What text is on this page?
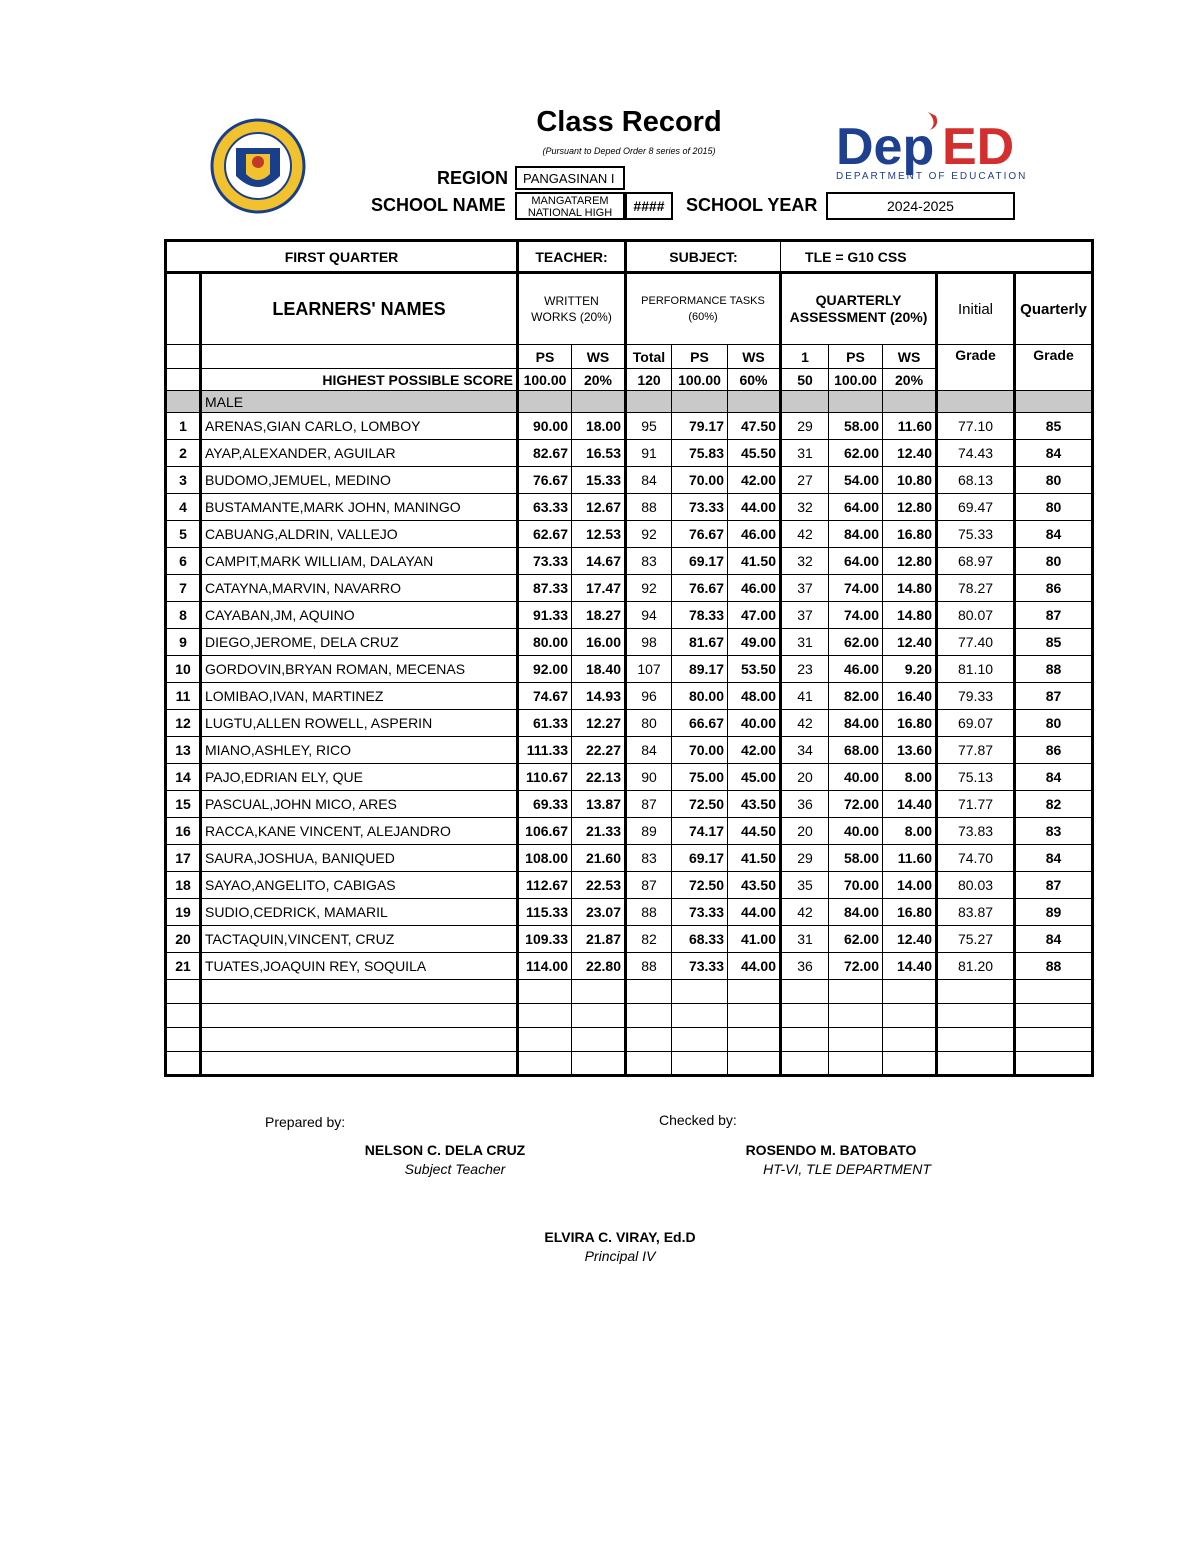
Class Record
(Pursuant to Deped Order 8 series of 2015)	Dep ED
DEPARTMENT OF EDUCATION
REGION	PANGASINAN I
SCHOOL NAME	MANGATAREM
NATIONAL HIGH	####	SCHOOL YEAR	2024-2025
FIRST QUARTER		TEACHER:		SUBJECT:			TLE = G10 CSS				
	LEARNERS' NAMES	WRITTEN WORKS (20%)		PERFORMANCE TASKS (60%)			QUARTERLY ASSESSMENT (20%)			Initial	Quarterly
		PS	WS	Total	PS	WS	1	PS	WS	Grade	Grade
	HIGHEST POSSIBLE SCORE	100.00	20%	120	100.00	60%	50	100.00	20%		
	MALE										
1	ARENAS,GIAN CARLO, LOMBOY	90.00	18.00	95	79.17	47.50	29	58.00	11.60	77.10	85
2	AYAP,ALEXANDER, AGUILAR	82.67	16.53	91	75.83	45.50	31	62.00	12.40	74.43	84
3	BUDOMO,JEMUEL, MEDINO	76.67	15.33	84	70.00	42.00	27	54.00	10.80	68.13	80
4	BUSTAMANTE,MARK JOHN, MANINGO	63.33	12.67	88	73.33	44.00	32	64.00	12.80	69.47	80
5	CABUANG,ALDRIN, VALLEJO	62.67	12.53	92	76.67	46.00	42	84.00	16.80	75.33	84
6	CAMPIT,MARK WILLIAM, DALAYAN	73.33	14.67	83	69.17	41.50	32	64.00	12.80	68.97	80
7	CATAYNA,MARVIN, NAVARRO	87.33	17.47	92	76.67	46.00	37	74.00	14.80	78.27	86
8	CAYABAN,JM, AQUINO	91.33	18.27	94	78.33	47.00	37	74.00	14.80	80.07	87
9	DIEGO,JEROME, DELA CRUZ	80.00	16.00	98	81.67	49.00	31	62.00	12.40	77.40	85
10	GORDOVIN,BRYAN ROMAN, MECENAS	92.00	18.40	107	89.17	53.50	23	46.00	9.20	81.10	88
11	LOMIBAO,IVAN, MARTINEZ	74.67	14.93	96	80.00	48.00	41	82.00	16.40	79.33	87
12	LUGTU,ALLEN ROWELL, ASPERIN	61.33	12.27	80	66.67	40.00	42	84.00	16.80	69.07	80
13	MIANO,ASHLEY, RICO	111.33	22.27	84	70.00	42.00	34	68.00	13.60	77.87	86
14	PAJO,EDRIAN ELY, QUE	110.67	22.13	90	75.00	45.00	20	40.00	8.00	75.13	84
15	PASCUAL,JOHN MICO, ARES	69.33	13.87	87	72.50	43.50	36	72.00	14.40	71.77	82
16	RACCA,KANE VINCENT, ALEJANDRO	106.67	21.33	89	74.17	44.50	20	40.00	8.00	73.83	83
17	SAURA,JOSHUA, BANIQUED	108.00	21.60	83	69.17	41.50	29	58.00	11.60	74.70	84
18	SAYAO,ANGELITO, CABIGAS	112.67	22.53	87	72.50	43.50	35	70.00	14.00	80.03	87
19	SUDIO,CEDRICK, MAMARIL	115.33	23.07	88	73.33	44.00	42	84.00	16.80	83.87	89
20	TACTAQUIN,VINCENT, CRUZ	109.33	21.87	82	68.33	41.00	31	62.00	12.40	75.27	84
21	TUATES,JOAQUIN REY, SOQUILA	114.00	22.80	88	73.33	44.00	36	72.00	14.40	81.20	88

Prepared by:
NELSON C. DELA CRUZ
Subject Teacher
Checked by:
ROSENDO M. BATOBATO
HT-VI, TLE DEPARTMENT
ELVIRA C. VIRAY, Ed.D
Principal IV
